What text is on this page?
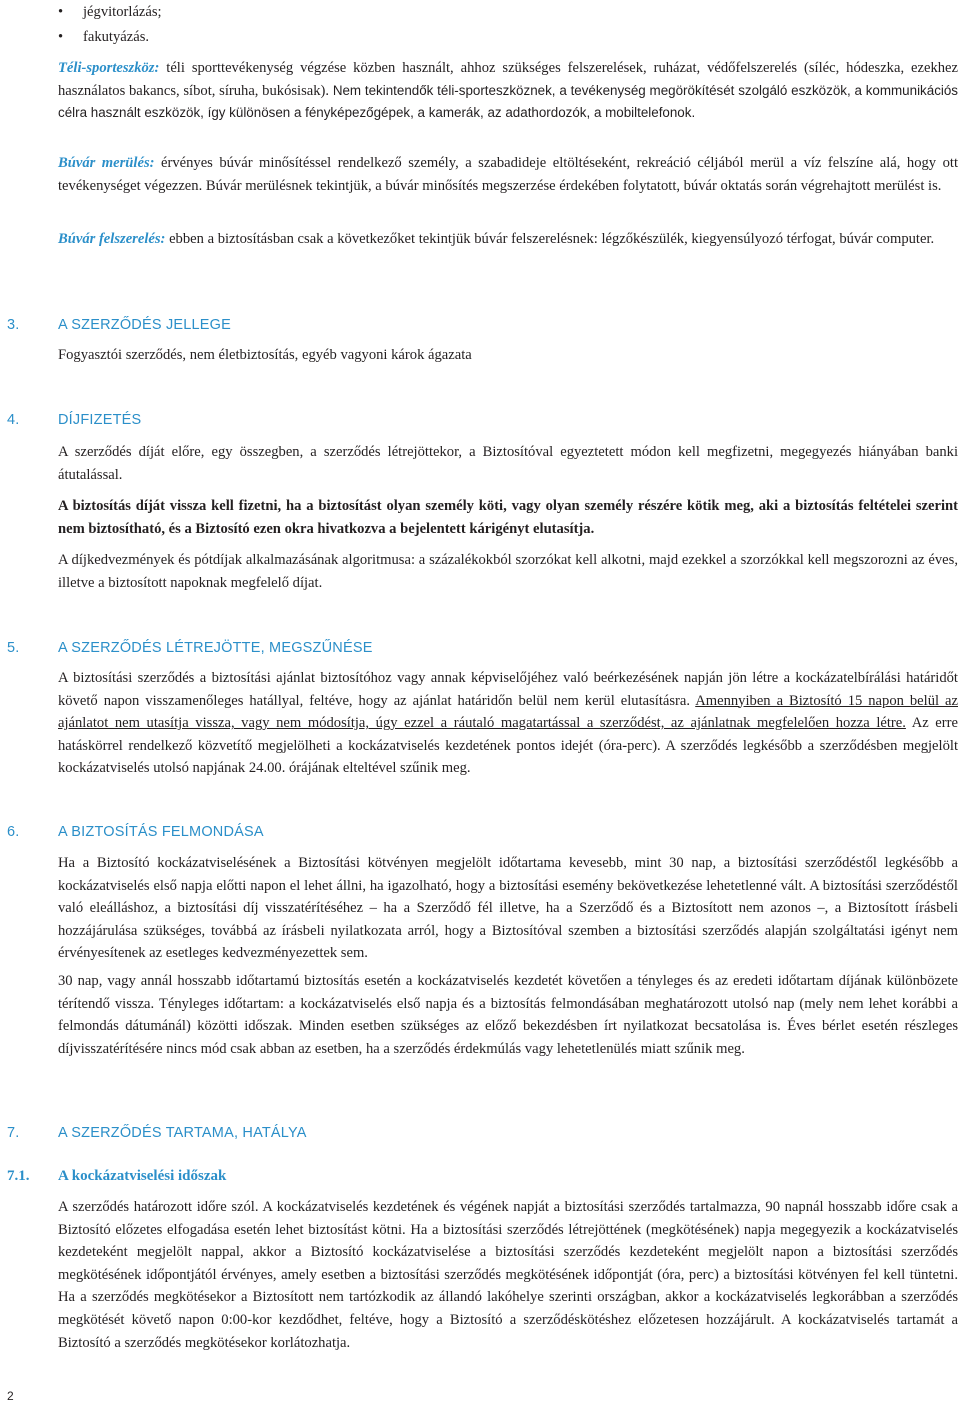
• jégvitorlázás;
• fakutyázás.

Téli-sporteszköz: téli sporttevékenység végzése közben használt, ahhoz szükséges felszerelések, ruházat, védőfelszerelés (síléc, hódeszka, ezekhez használatos bakancs, síbot, síruha, bukósisak). Nem tekintendők téli-sporteszköznek, a tevékenység megörökítését szolgáló eszközök, a kommunikációs célra használt eszközök, így különösen a fényképezőgépek, a kamerák, az adathordozók, a mobiltelefonok.

Búvár merülés: érvényes búvár minősítéssel rendelkező személy, a szabadideje eltöltéseként, rekreáció céljából merül a víz felszíne alá, hogy ott tevékenységet végezzen. Búvár merülésnek tekintjük, a búvár minősítés megszerzése érdekében folytatott, búvár oktatás során végrehajtott merülést is.

Búvár felszerelés: ebben a biztosításban csak a következőket tekintjük búvár felszerelésnek: légzőkészülék, kiegyensúlyozó térfogat, búvár computer.

3.	A SZERZŐDÉS JELLEGE

Fogyasztói szerződés, nem életbiztosítás, egyéb vagyoni károk ágazata

4.	DÍJFIZETÉS

A szerződés díját előre, egy összegben, a szerződés létrejöttekor, a Biztosítóval egyeztetett módon kell megfizetni, megegyezés hiányában banki átutalással.

A biztosítás díját vissza kell fizetni, ha a biztosítást olyan személy köti, vagy olyan személy részére kötik meg, aki a biztosítás feltételei szerint nem biztosítható, és a Biztosító ezen okra hivatkozva a bejelentett kárigényt elutasítja.

A díjkedvezmények és pótdíjak alkalmazásának algoritmusa: a százalékokból szorzókat kell alkotni, majd ezekkel a szorzókkal kell megszorozni az éves, illetve a biztosított napoknak megfelelő díjat.

5.	A SZERZŐDÉS LÉTREJÖTTE, MEGSZŰNÉSE

A biztosítási szerződés a biztosítási ajánlat biztosítóhoz vagy annak képviselőjéhez való beérkezésének napján jön létre a kockázatelbírálási határidőt követő napon visszamenőleges hatállyal, feltéve, hogy az ajánlat határidőn belül nem kerül elutasításra. Amennyiben a Biztosító 15 napon belül az ajánlatot nem utasítja vissza, vagy nem módosítja, úgy ezzel a ráutaló magatartással a szerződést, az ajánlatnak megfelelően hozza létre. Az erre hatáskörrel rendelkező közvetítő megjelölheti a kockázatviselés kezdetének pontos idejét (óra-perc). A szerződés legkésőbb a szerződésben megjelölt kockázatviselés utolsó napjának 24.00. órájának elteltével szűnik meg.

6.	A BIZTOSÍTÁS FELMONDÁSA

Ha a Biztosító kockázatviselésének a Biztosítási kötvényen megjelölt időtartama kevesebb, mint 30 nap, a biztosítási szerződéstől legkésőbb a kockázatviselés első napja előtti napon el lehet állni, ha igazolható, hogy a biztosítási esemény bekövetkezése lehetetlenné vált. A biztosítási szerződéstől való eleálláshoz, a biztosítási díj visszatérítéséhez – ha a Szerződő fél illetve, ha a Szerződő és a Biztosított nem azonos –, a Biztosított írásbeli hozzájárulása szükséges, továbbá az írásbeli nyilatkozata arról, hogy a Biztosítóval szemben a biztosítási szerződés alapján szolgáltatási igényt nem érvényesítenek az esetleges kedvezményezettek sem.

30 nap, vagy annál hosszabb időtartamú biztosítás esetén a kockázatviselés kezdetét követően a tényleges és az eredeti időtartam díjának különbözete térítendő vissza. Tényleges időtartam: a kockázatviselés első napja és a biztosítás felmondásában meghatározott utolsó nap (mely nem lehet korábbi a felmondás dátumánál) közötti időszak. Minden esetben szükséges az előző bekezdésben írt nyilatkozat becsatolása is. Éves bérlet esetén részleges díjvisszatérítésére nincs mód csak abban az esetben, ha a szerződés érdekmúlás vagy lehetetlenülés miatt szűnik meg.

7.	A SZERZŐDÉS TARTAMA, HATÁLYA
7.1. A kockázatviselési időszak

A szerződés határozott időre szól. A kockázatviselés kezdetének és végének napját a biztosítási szerződés tartalmazza, 90 napnál hosszabb időre csak a Biztosító előzetes elfogadása esetén lehet biztosítást kötni. Ha a biztosítási szerződés létrejöttének (megkötésének) napja megegyezik a kockázatviselés kezdeteként megjelölt nappal, akkor a Biztosító kockázatviselése a biztosítási szerződés kezdeteként megjelölt napon a biztosítási szerződés megkötésének időpontjától érvényes, amely esetben a biztosítási szerződés megkötésének időpontját (óra, perc) a biztosítási kötvényen fel kell tüntetni. Ha a szerződés megkötésekor a Biztosított nem tartózkodik az állandó lakóhelye szerinti országban, akkor a kockázatviselés legkorábban a szerződés megkötését követő napon 0:00-kor kezdődhet, feltéve, hogy a Biztosító a szerződéskötéshez előzetesen hozzájárult. A kockázatviselés tartamát a Biztosító a szerződés megkötésekor korlátozhatja.

2
